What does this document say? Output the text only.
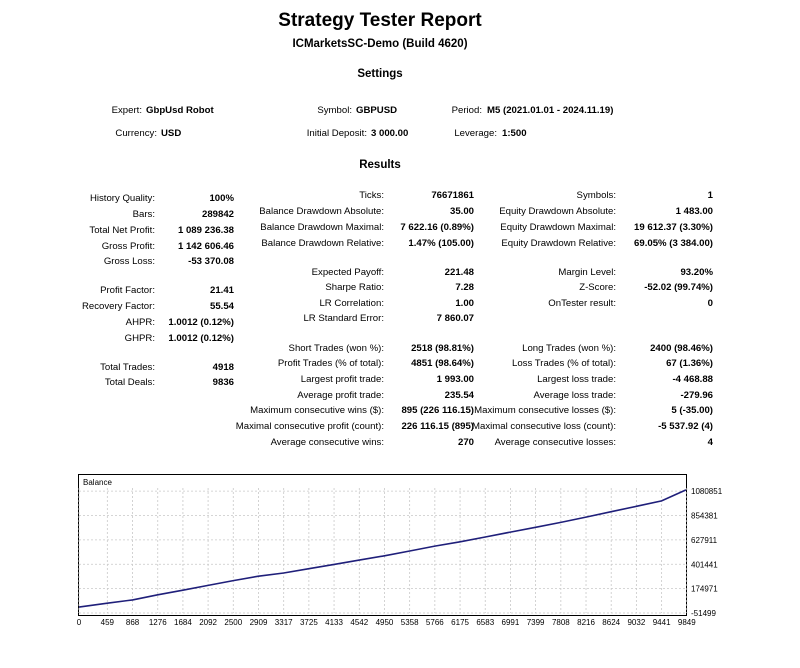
Strategy Tester Report
ICMarketsSC-Demo (Build 4620)
Settings
Expert: GbpUsd Robot	Symbol: GBPUSD	Period: M5 (2021.01.01 - 2024.11.19)
Currency: USD	Initial Deposit: 3 000.00	Leverage: 1:500
Results
History Quality:	100%
Bars:	289842
Total Net Profit: 1 089 236.38
Gross Profit: 1 142 606.46
Gross Loss:	-53 370.08
Profit Factor:	21.41
Recovery Factor:	55.54
AHPR: 1.0012 (0.12%)
GHPR: 1.0012 (0.12%)
Total Trades:	4918
Total Deals:	9836
Ticks:	76671861
Balance Drawdown Absolute:	35.00
Balance Drawdown Maximal: 7 622.16 (0.89%)
Balance Drawdown Relative:	1.47% (105.00)
Expected Payoff:	221.48
Sharpe Ratio:	7.28
LR Correlation:	1.00
LR Standard Error:	7 860.07
Short Trades (won %):	2518 (98.81%)
Profit Trades (% of total):	4851 (98.64%)
Largest profit trade:	1 993.00
Average profit trade:	235.54
Maximum consecutive wins ($): 895 (226 116.15)
Maximal consecutive profit (count): 226 116.15 (895)
Average consecutive wins:	270
Symbols:	1
Equity Drawdown Absolute:	1 483.00
Equity Drawdown Maximal: 19 612.37 (3.30%)
Equity Drawdown Relative: 69.05% (3 384.00)
Margin Level:	93.20%
Z-Score:	-52.02 (99.74%)
OnTester result:	0
Long Trades (won %):	2400 (98.46%)
Loss Trades (% of total):	67 (1.36%)
Largest loss trade:	-4 468.88
Average loss trade:	-279.96
Maximum consecutive losses ($):	5 (-35.00)
Maximal consecutive loss (count):	-5 537.92 (4)
Average consecutive losses:	4
Balance
-51499
174971
401441
627911
854381
1080851
0 459 868 1276 1684 2092 2500 2909 3317 3725 4133 4542 4950 5358 5766 6175 6583 6991 7399 7808 8216 8624 9032 9441 9849
